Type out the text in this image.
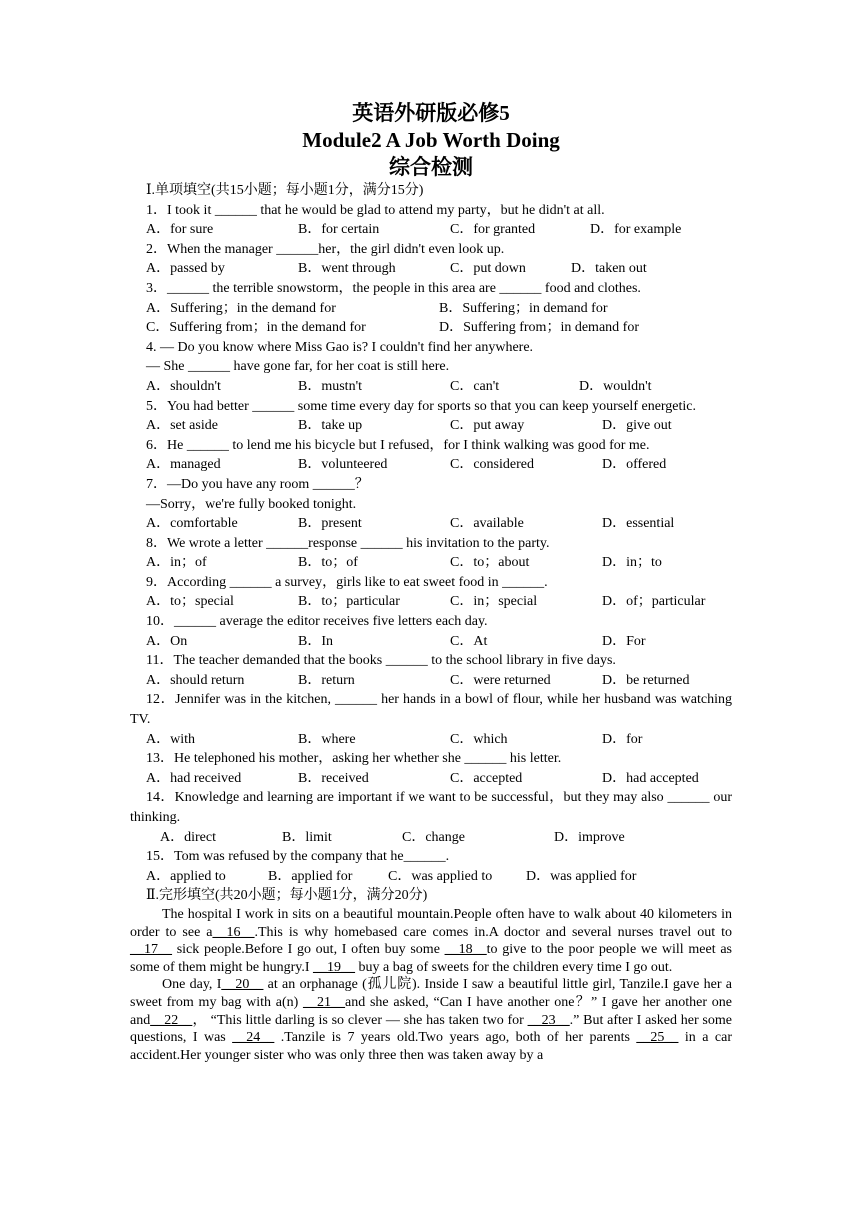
英语外研版必修5
Module2 A Job Worth Doing
综合检测
Ⅰ.单项填空(共15小题；每小题1分，满分15分)
1．I took it ______ that he would be glad to attend my party，but he didn't at all.
A．for sure	B．for certain	C．for granted	D．for example
2．When the manager ______her，the girl didn't even look up.
A．passed by	B．went through	C．put down	D．taken out
3．______ the terrible snowstorm，the people in this area are ______ food and clothes.
A．Suffering；in the demand for	B．Suffering；in demand for
C．Suffering from；in the demand for	D．Suffering from；in demand for
4. — Do you know where Miss Gao is? I couldn't find her anywhere.
— She ______ have gone far, for her coat is still here.
A．shouldn't	B．mustn't	C．can't	D．wouldn't
5．You had better ______ some time every day for sports so that you can keep yourself energetic.
A．set aside	B．take up	C．put away	D．give out
6．He ______ to lend me his bicycle but I refused，for I think walking was good for me.
A．managed	B．volunteered	C．considered	D．offered
7．—Do you have any room ______？
—Sorry，we're fully booked tonight.
A．comfortable	B．present	C．available	D．essential
8．We wrote a letter ______response ______ his invitation to the party.
A．in；of	B．to；of	C．to；about	D．in；to
9．According ______ a survey，girls like to eat sweet food in ______.
A．to；special	B．to；particular	C．in；special	D．of；particular
10．______ average the editor receives five letters each day.
A．On	B．In	C．At	D．For
11．The teacher demanded that the books ______ to the school library in five days.
A．should return	B．return	C．were returned	D．be returned
12．Jennifer was in the kitchen, ______ her hands in a bowl of flour, while her husband was watching TV.
A．with	B．where	C．which	D．for
13．He telephoned his mother，asking her whether she ______ his letter.
A．had received	B．received	C．accepted	D．had accepted
14．Knowledge and learning are important if we want to be successful，but they may also ______ our thinking.
A．direct	B．limit	C．change	D．improve
15．Tom was refused by the company that he______.
A．applied to	B．applied for	C．was applied to	D．was applied for
Ⅱ.完形填空(共20小题；每小题1分，满分20分)

The hospital I work in sits on a beautiful mountain.People often have to walk about 40 kilometers in order to see a__16__.This is why homebased care comes in.A doctor and several nurses travel out to __17__ sick people.Before I go out, I often buy some __18__to give to the poor people we will meet as some of them might be hungry.I __19__ buy a bag of sweets for the children every time I go out.

One day, I__20__ at an orphanage (孤儿院). Inside I saw a beautiful little girl, Tanzile.I gave her a sweet from my bag with a(n) __21__and she asked, “Can I have another one？” I gave her another one and__22__， “This little darling is so clever — she has taken two for __23__.” But after I asked her some questions, I was __24__ .Tanzile is 7 years old.Two years ago, both of her parents __25__ in a car accident.Her younger sister who was only three then was taken away by a
